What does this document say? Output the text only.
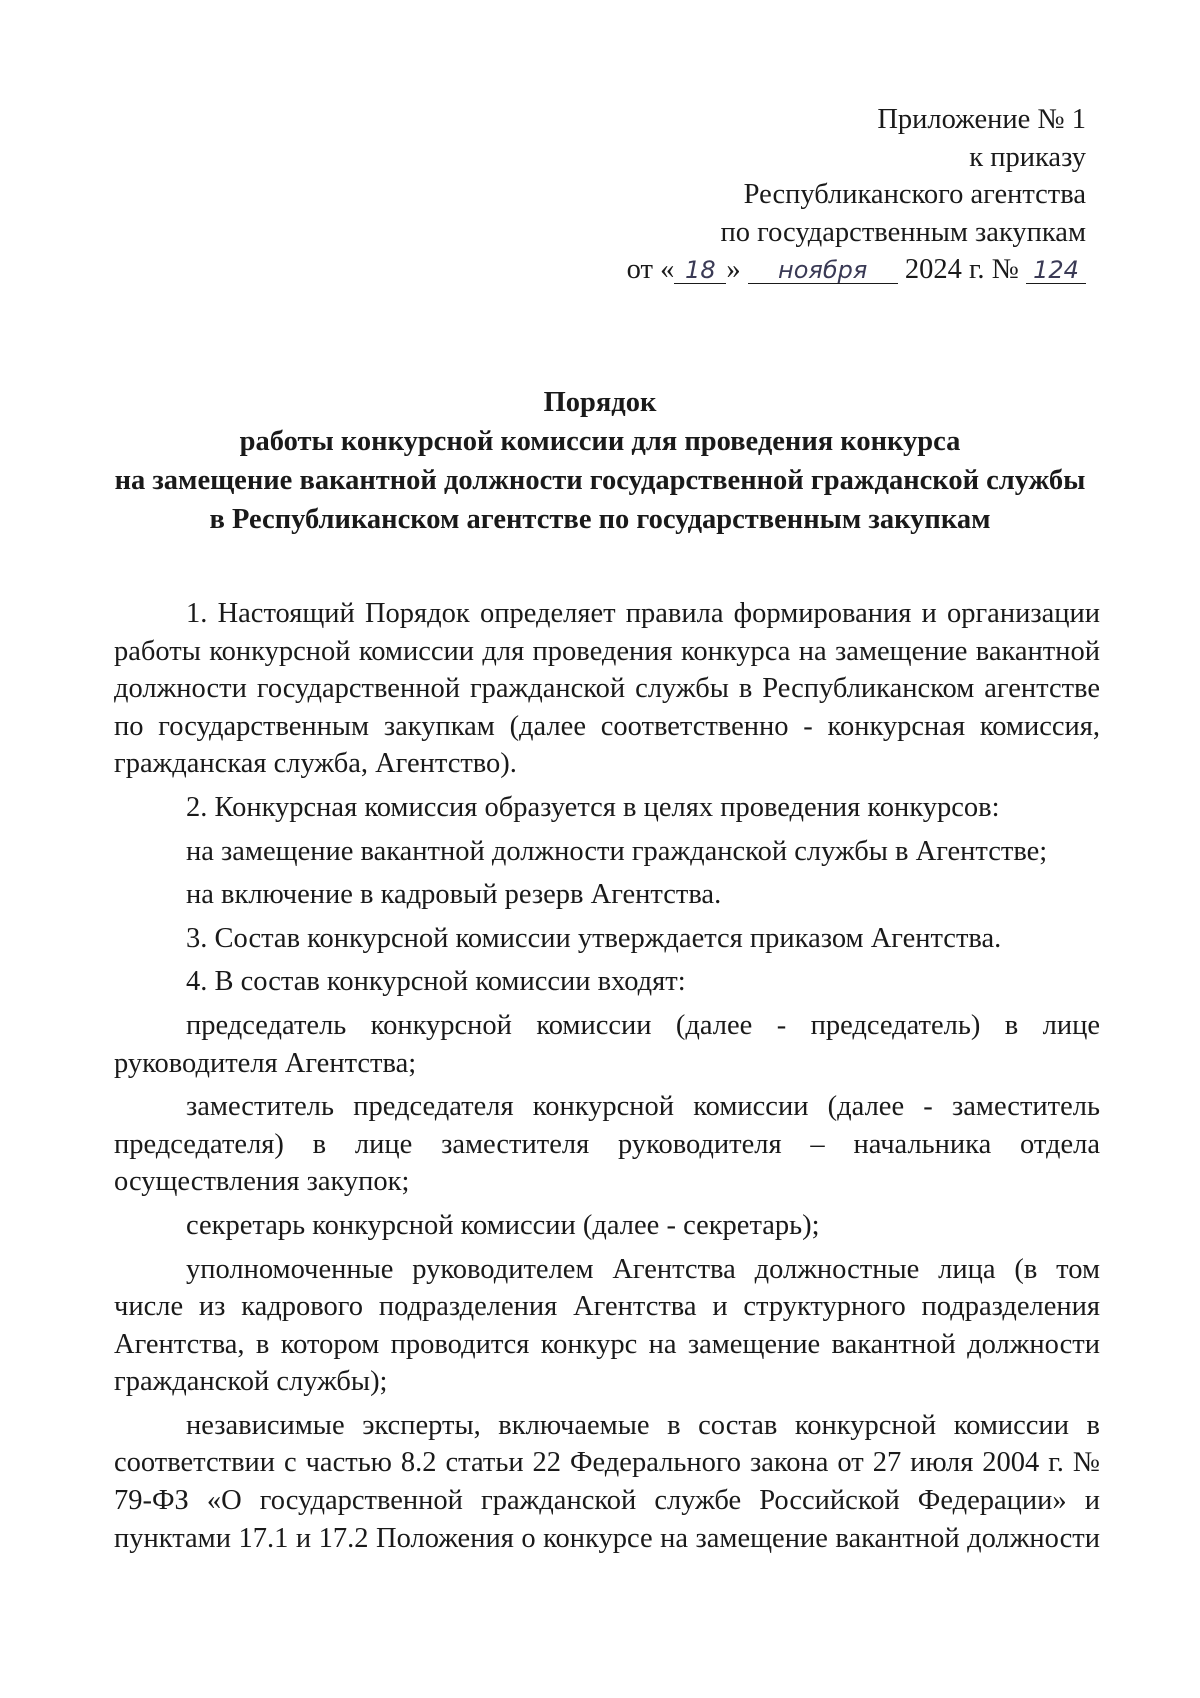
Приложение № 1
к приказу
Республиканского агентства
по государственным закупкам
от « 18 » ноября 2024 г. № 124
Порядок
работы конкурсной комиссии для проведения конкурса
на замещение вакантной должности государственной гражданской службы
в Республиканском агентстве по государственным закупкам

1. Настоящий Порядок определяет правила формирования и организации работы конкурсной комиссии для проведения конкурса на замещение вакантной должности государственной гражданской службы в Республиканском агентстве по государственным закупкам (далее соответственно - конкурсная комиссия, гражданская служба, Агентство).

2. Конкурсная комиссия образуется в целях проведения конкурсов:

на замещение вакантной должности гражданской службы в Агентстве;

на включение в кадровый резерв Агентства.

3. Состав конкурсной комиссии утверждается приказом Агентства.

4. В состав конкурсной комиссии входят:

председатель конкурсной комиссии (далее - председатель) в лице руководителя Агентства;

заместитель председателя конкурсной комиссии (далее - заместитель председателя) в лице заместителя руководителя – начальника отдела осуществления закупок;

секретарь конкурсной комиссии (далее - секретарь);

уполномоченные руководителем Агентства должностные лица (в том числе из кадрового подразделения Агентства и структурного подразделения Агентства, в котором проводится конкурс на замещение вакантной должности гражданской службы);

независимые эксперты, включаемые в состав конкурсной комиссии в соответствии с частью 8.2 статьи 22 Федерального закона от 27 июля 2004 г. № 79-ФЗ «О государственной гражданской службе Российской Федерации» и пунктами 17.1 и 17.2 Положения о конкурсе на замещение вакантной должности
